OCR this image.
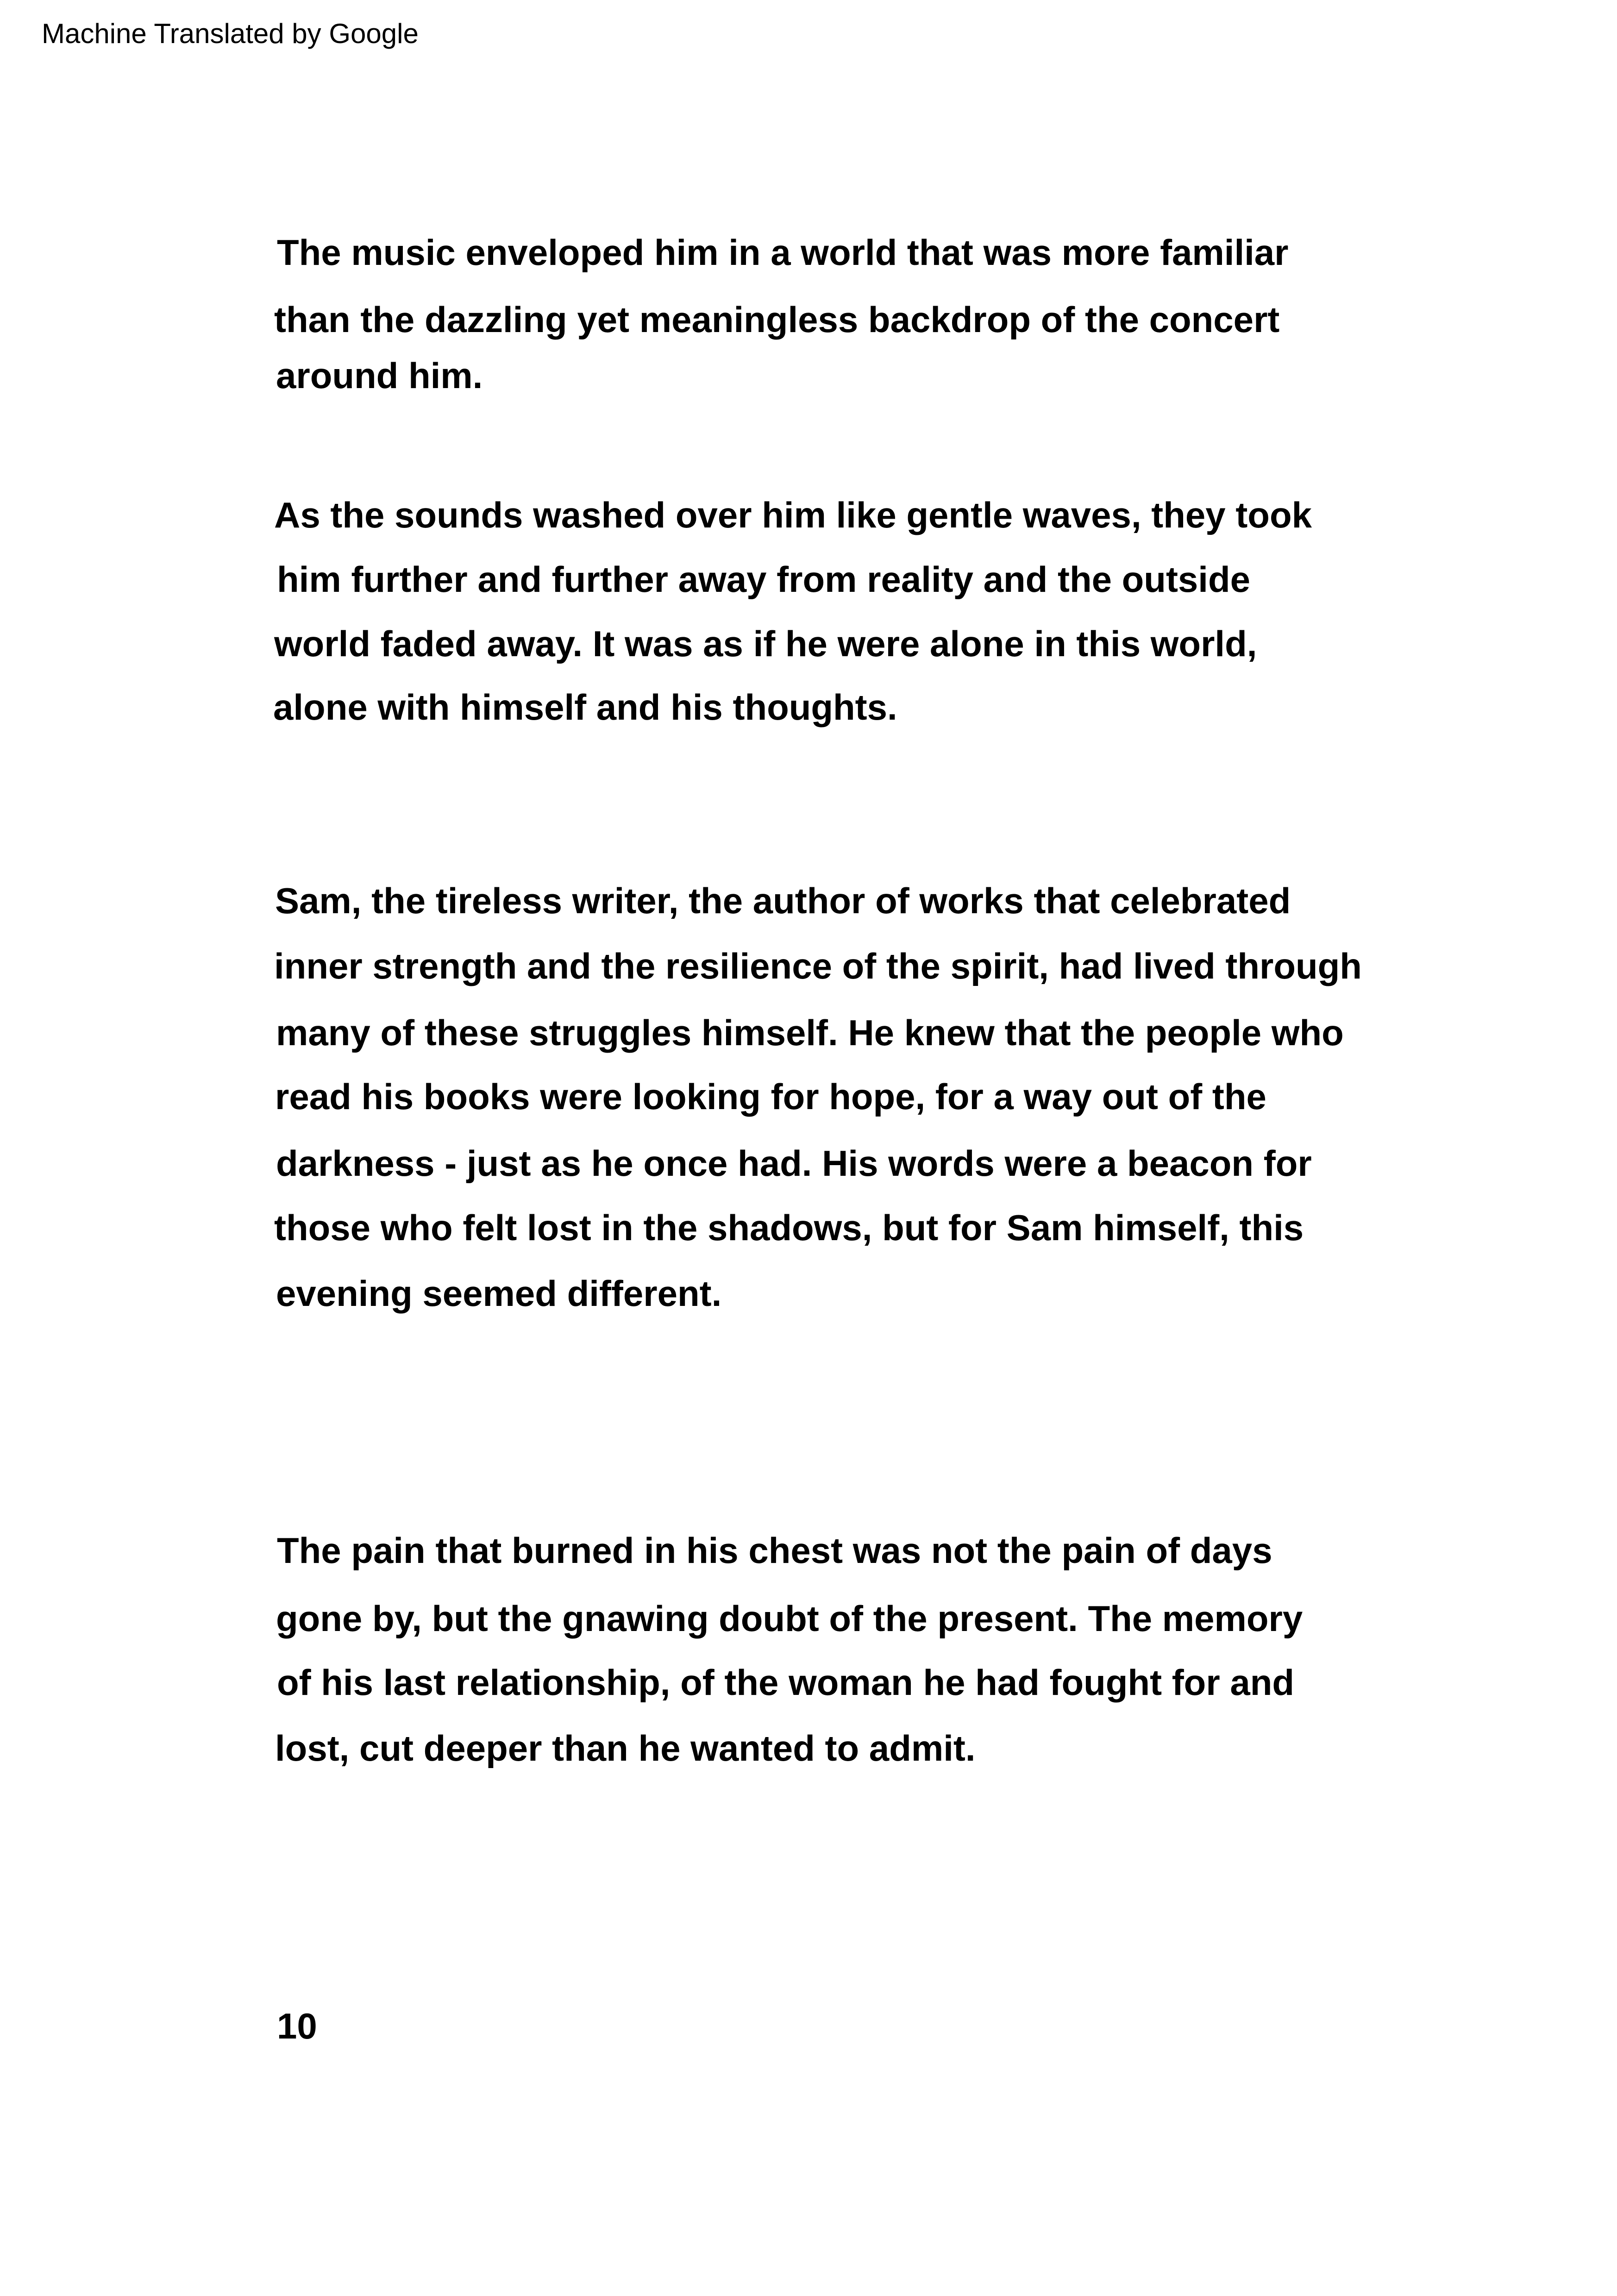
Machine Translated by Google
The music enveloped him in a world that was more familiar
than the dazzling yet meaningless backdrop of the concert
around him.
As the sounds washed over him like gentle waves, they took
him further and further away from reality and the outside
world faded away. It was as if he were alone in this world,
alone with himself and his thoughts.
Sam, the tireless writer, the author of works that celebrated
inner strength and the resilience of the spirit, had lived through
many of these struggles himself. He knew that the people who
read his books were looking for hope, for a way out of the
darkness - just as he once had. His words were a beacon for
those who felt lost in the shadows, but for Sam himself, this
evening seemed different.
The pain that burned in his chest was not the pain of days
gone by, but the gnawing doubt of the present. The memory
of his last relationship, of the woman he had fought for and
lost, cut deeper than he wanted to admit.
10
